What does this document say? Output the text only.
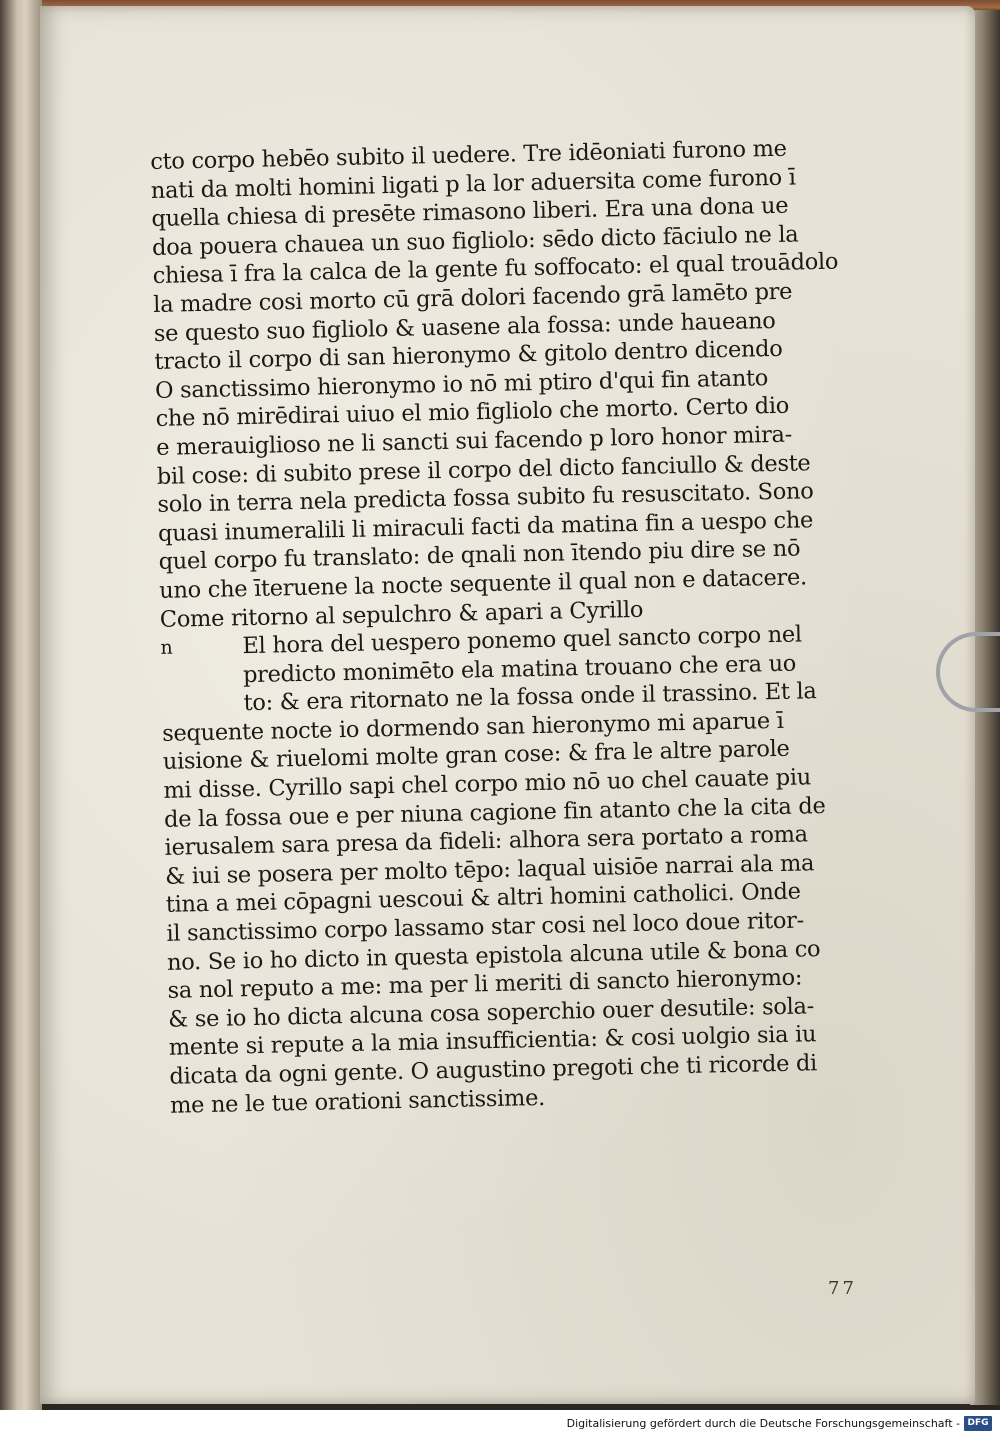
cto corpo hebēo subito il uedere. Tre idēoniati furono me
nati da molti homini ligati p la lor aduersita come furono ī
quella chiesa di presēte rimasono liberi. Era una dona ue
doa pouera chaueа un suo figliolo: sēdo dicto fāciulo ne la
chiesa ī fra la calca de la gente fu soffocato: el qual trouādolo
la madre cosi morto cū grā dolori facendo grā lamēto pre
se questo suo figliolo & uasene ala fossa: unde haueano
tracto il corpo di san hieronymo & gitolo dentro dicendo
O sanctissimo hieronymo io nō mi ptiro d'qui fin atanto
che nō mirēdirai uiuo el mio figliolo che morto. Certo dio
e merauiglioso ne li sancti sui facendo p loro honor mira-
bil cose: di subito prese il corpo del dicto fanciullo & deste
solo in terra nela predicta fossa subito fu resuscitato. Sono
quasi inumeralili li miraculi facti da matina fin a uespo che
quel corpo fu translato: de qnali non ītendo piu dire se nō
uno che īteruene la nocte sequente il qual non e datacere.
Come ritorno al sepulchro & apari a Cyrillo
n	El hora del uespero ponemo quel sancto corpo nel
predicto monimēto ela matina trouano che era uo
to: & era ritornato ne la fossa onde il trassino. Et la
sequente nocte io dormendo san hieronymo mi aparue ī
uisione & riuelomi molte gran cose: & fra le altre parole
mi disse. Cyrillo sapi chel corpo mio nō uo chel cauate piu
de la fossa oue e per niuna cagione fin atanto che la cita de
ierusalem sara presa da fideli: alhora sera portato a roma
& iui se posera per molto tēpo: laqual uisiōe narrai ala ma
tina a mei cōpagni uescoui & altri homini catholici. Onde
il sanctissimo corpo lassamo star cosi nel loco doue ritor-
no. Se io ho dicto in questa epistola alcuna utile & bona co
sa nol reputo a me: ma per li meriti di sancto hieronymo:
& se io ho dicta alcuna cosa soperchio ouer desutile: sola-
mente si repute a la mia insufficientia: & cosi uolgio sia iu
dicata da ogni gente. O augustino pregoti che ti ricorde di
me ne le tue orationi sanctissime.
77
Digitalisierung gefördert durch die Deutsche Forschungsgemeinschaft - DFG
